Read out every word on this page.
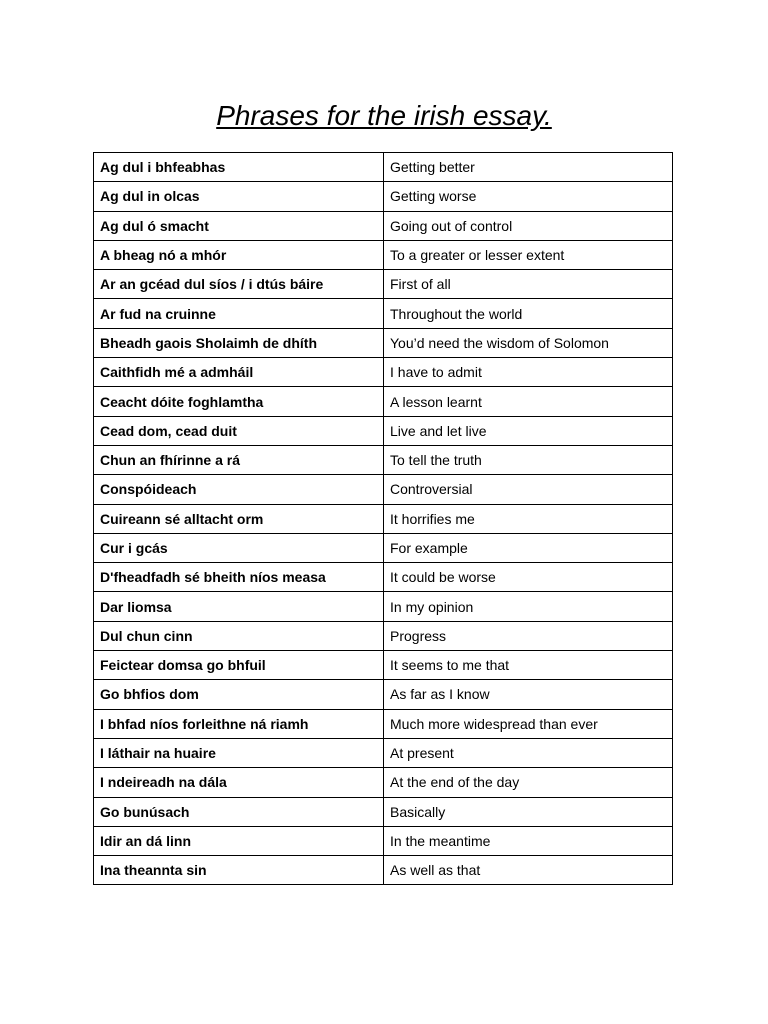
Phrases for the irish essay.
Ag dul i bhfeabhas	Getting better
Ag dul in olcas	Getting worse
Ag dul ó smacht	Going out of control
A bheag nó a mhór	To a greater or lesser extent
Ar an gcéad dul síos / i dtús báire	First of all
Ar fud na cruinne	Throughout the world
Bheadh gaois Sholaimh de dhíth	You’d need the wisdom of Solomon
Caithfidh mé a admháil	I have to admit
Ceacht dóite foghlamtha	A lesson learnt
Cead dom, cead duit	Live and let live
Chun an fhírinne a rá	To tell the truth
Conspóideach	Controversial
Cuireann sé alltacht orm	It horrifies me
Cur i gcás	For example
D'fheadfadh sé bheith níos measa	It could be worse
Dar liomsa	In my opinion
Dul chun cinn	Progress
Feictear domsa go bhfuil	It seems to me that
Go bhfios dom	As far as I know
I bhfad níos forleithne ná riamh	Much more widespread than ever
I láthair na huaire	At present
I ndeireadh na dála	At the end of the day
Go bunúsach	Basically
Idir an dá linn	In the meantime
Ina theannta sin	As well as that
